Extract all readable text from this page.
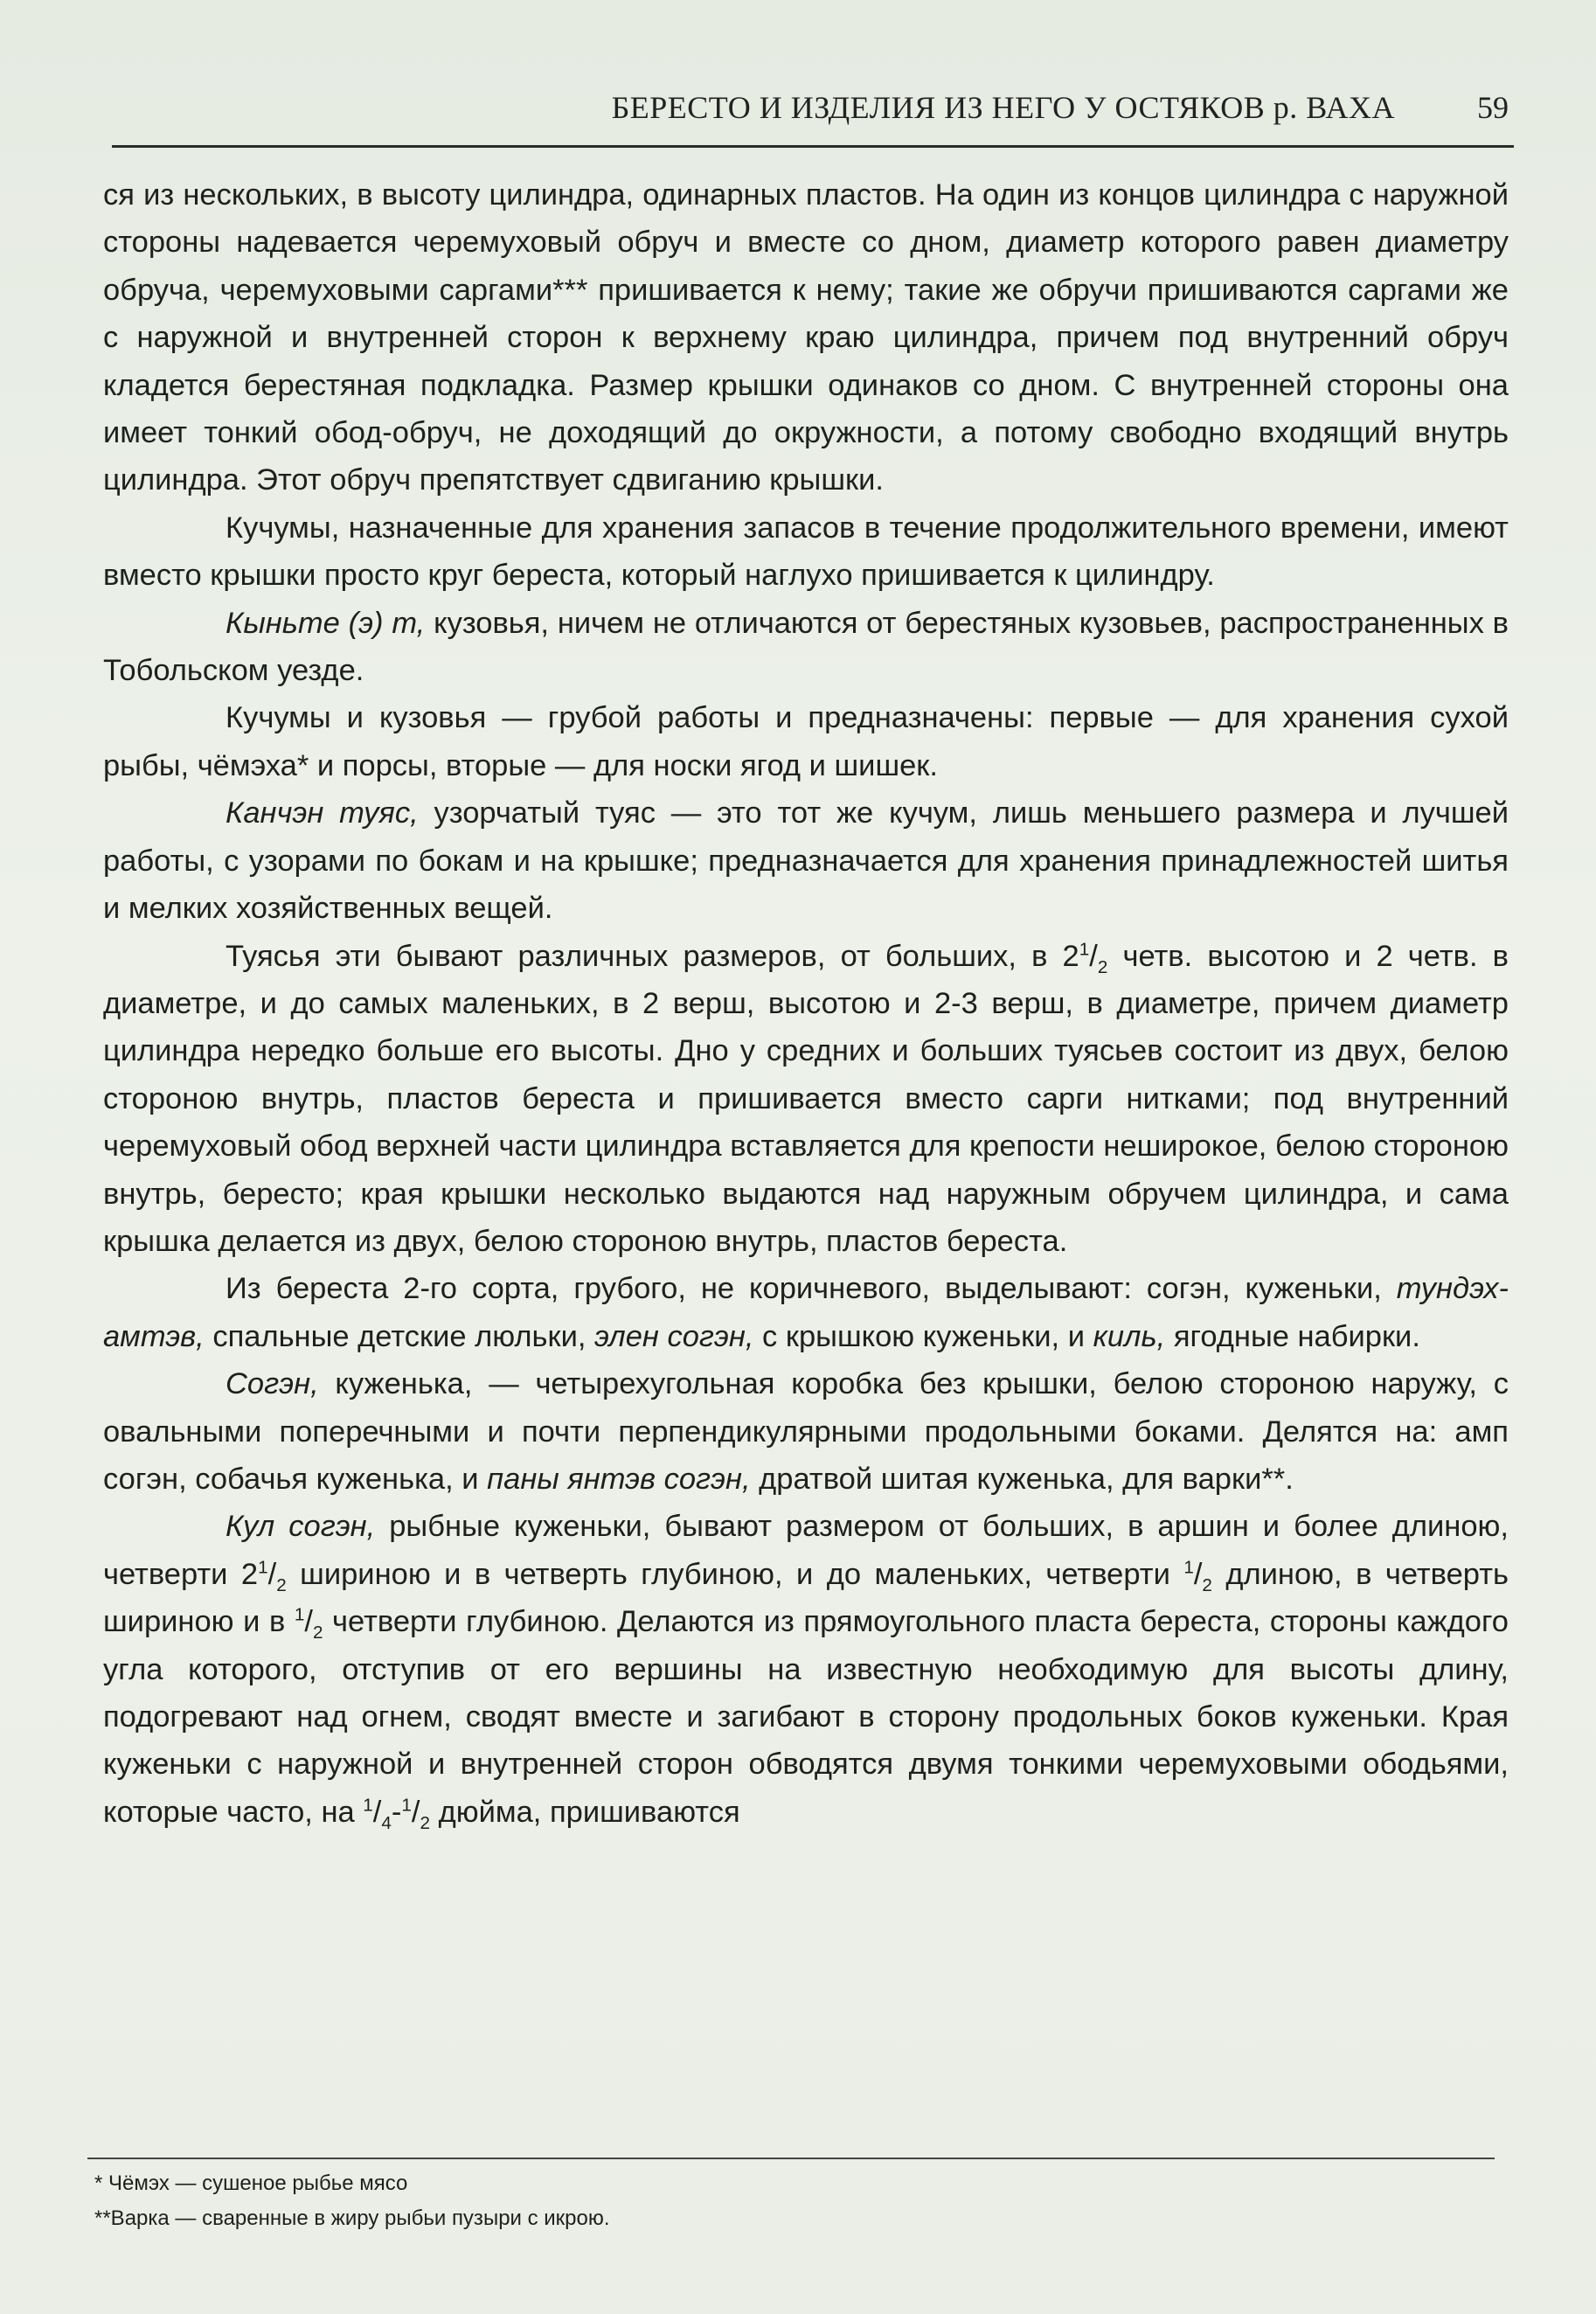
БЕРЕСТО И ИЗДЕЛИЯ ИЗ НЕГО У ОСТЯКОВ р. ВАХА	59

ся из нескольких, в высоту цилиндра, одинарных пластов. На один из концов цилиндра с наружной стороны надевается черемуховый обруч и вместе со дном, диаметр которого равен диаметру обруча, черемуховыми саргами*** пришивается к нему; такие же обручи пришиваются саргами же с наружной и внутренней сторон к верхнему краю цилиндра, причем под внутренний обруч кладется берестяная подкладка. Размер крышки одинаков со дном. С внутренней стороны она имеет тонкий обод-обруч, не доходящий до окружности, а потому свободно входящий внутрь цилиндра. Этот обруч препятствует сдвиганию крышки.

Кучумы, назначенные для хранения запасов в течение продолжительного времени, имеют вместо крышки просто круг береста, который наглухо пришивается к цилиндру.

Кыньте (э) т, кузовья, ничем не отличаются от берестяных кузовьев, распространенных в Тобольском уезде.

Кучумы и кузовья — грубой работы и предназначены: первые — для хранения сухой рыбы, чёмэха* и порсы, вторые — для носки ягод и шишек.

Канчэн туяс, узорчатый туяс — это тот же кучум, лишь меньшего размера и лучшей работы, с узорами по бокам и на крышке; предназначается для хранения принадлежностей шитья и мелких хозяйственных вещей.

Туясья эти бывают различных размеров, от больших, в $2^1/_2$ четв. высотою и 2 четв. в диаметре, и до самых маленьких, в 2 верш, высотою и 2-3 верш, в диаметре, причем диаметр цилиндра нередко больше его высоты. Дно у средних и больших туясьев состоит из двух, белою стороною внутрь, пластов береста и пришивается вместо сарги нитками; под внутренний черемуховый обод верхней части цилиндра вставляется для крепости неширокое, белою стороною внутрь, бересто; края крышки несколько выдаются над наружным обручем цилиндра, и сама крышка делается из двух, белою стороною внутрь, пластов береста.

Из береста 2-го сорта, грубого, не коричневого, выделывают: согэн, куженьки, тундэх-амтэв, спальные детские люльки, элен согэн, с крышкою куженьки, и киль, ягодные набирки.

Согэн, куженька, — четырехугольная коробка без крышки, белою стороною наружу, с овальными поперечными и почти перпендикулярными продольными боками. Делятся на: амп согэн, собачья куженька, и паны янтэв согэн, дратвой шитая куженька, для варки**.

Кул согэн, рыбные куженьки, бывают размером от больших, в аршин и более длиною, четверти $2^1/_2$ шириною и в четверть глубиною, и до маленьких, четверти $^1/_2$ длиною, в четверть шириною и в $^1/_2$ четверти глубиною. Делаются из прямоугольного пласта береста, стороны каждого угла которого, отступив от его вершины на известную необходимую для высоты длину, подогревают над огнем, сводят вместе и загибают в сторону продольных боков куженьки. Края куженьки с наружной и внутренней сторон обводятся двумя тонкими черемуховыми ободьями, которые часто, на $^1/_4-^1/_2$ дюйма, пришиваются

* Чёмэх — сушеное рыбье мясо
**Варка — сваренные в жиру рыбьи пузыри с икрою.
